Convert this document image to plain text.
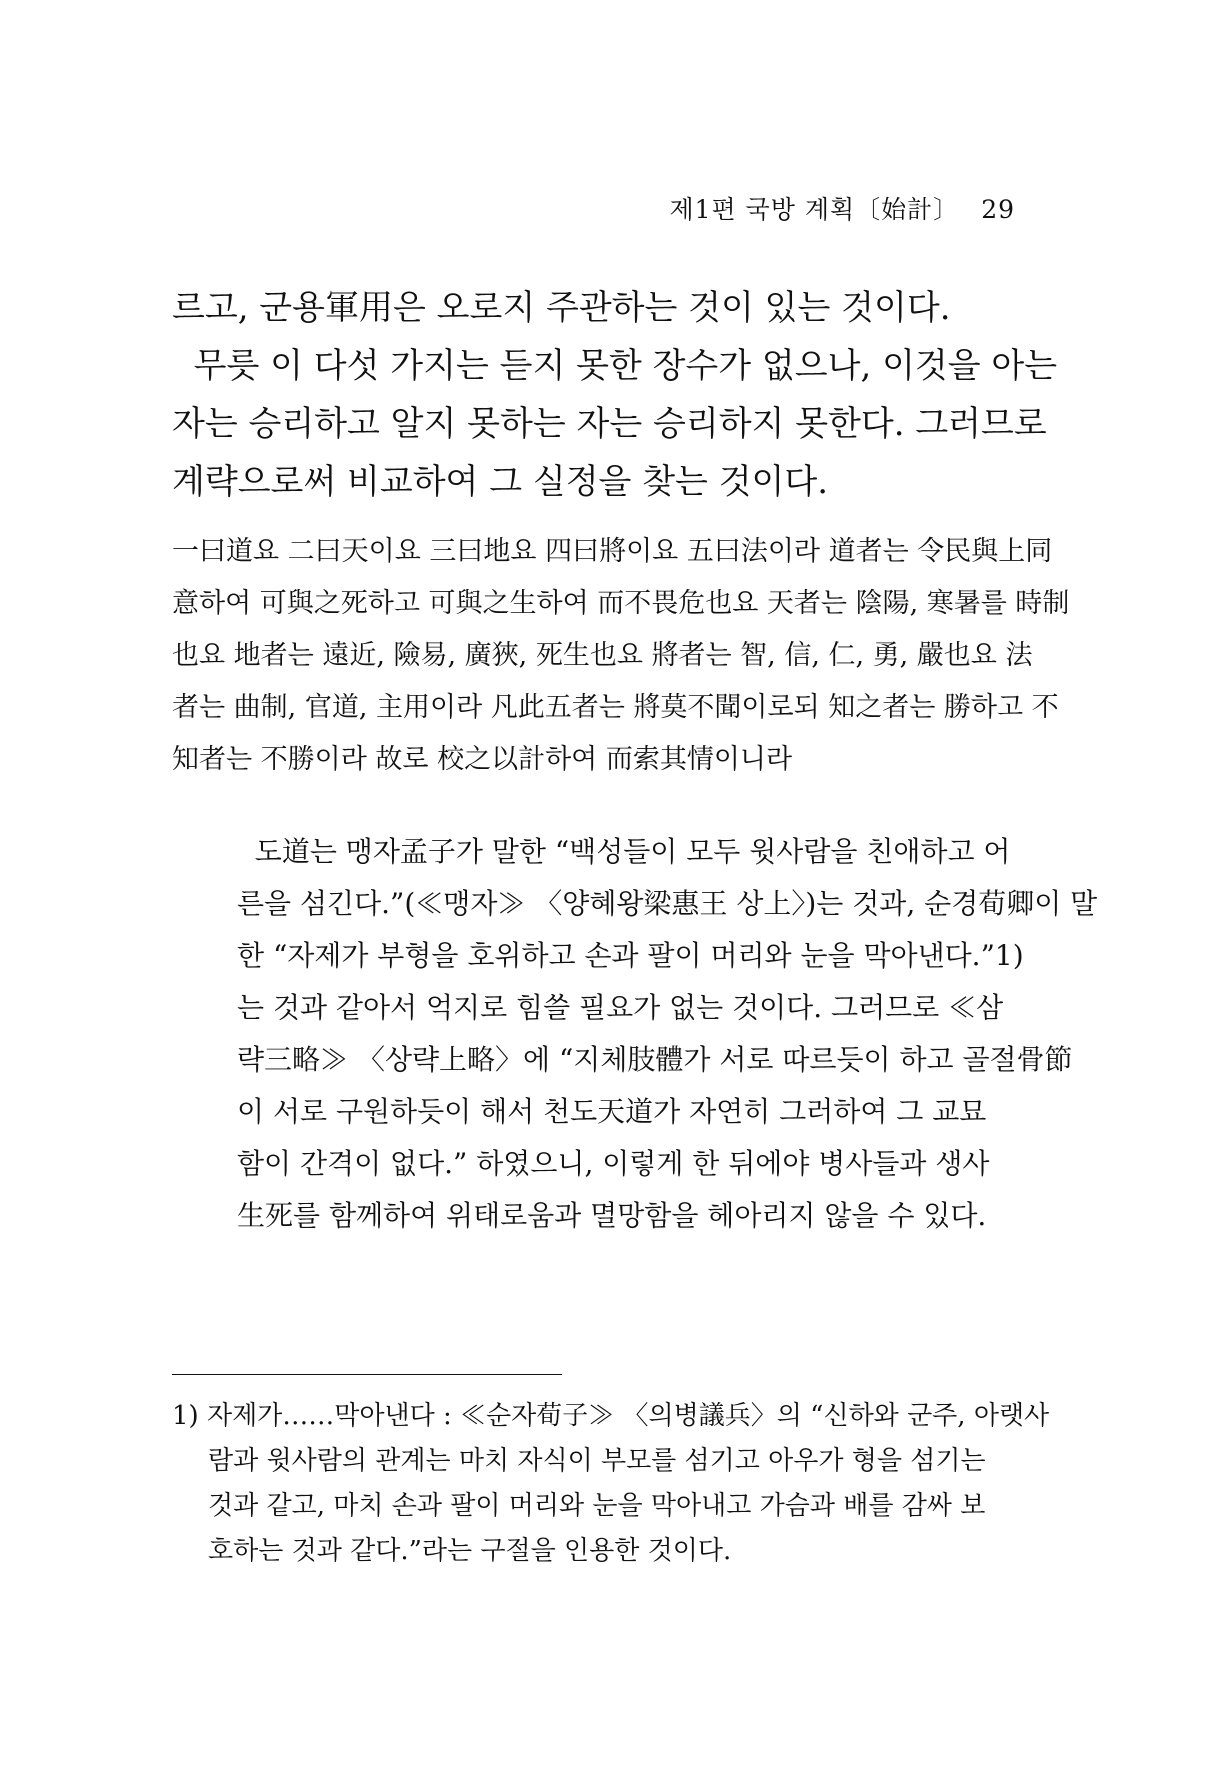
제1편 국방 계획〔始計〕 29
르고, 군용軍用은 오로지 주관하는 것이 있는 것이다.
무릇 이 다섯 가지는 듣지 못한 장수가 없으나, 이것을 아는
자는 승리하고 알지 못하는 자는 승리하지 못한다. 그러므로
계략으로써 비교하여 그 실정을 찾는 것이다.
一曰道요 二曰天이요 三曰地요 四曰將이요 五曰法이라 道者는 令民與上同
意하여 可與之死하고 可與之生하여 而不畏危也요 天者는 陰陽, 寒暑를 時制
也요 地者는 遠近, 險易, 廣狹, 死生也요 將者는 智, 信, 仁, 勇, 嚴也요 法
者는 曲制, 官道, 主用이라 凡此五者는 將莫不聞이로되 知之者는 勝하고 不
知者는 不勝이라 故로 校之以計하여 而索其情이니라
도道는 맹자孟子가 말한 “백성들이 모두 윗사람을 친애하고 어
른을 섬긴다.”(≪맹자≫ 〈양혜왕梁惠王 상上〉)는 것과, 순경荀卿이 말
한 “자제가 부형을 호위하고 손과 팔이 머리와 눈을 막아낸다.”1)
는 것과 같아서 억지로 힘쓸 필요가 없는 것이다. 그러므로 ≪삼
략三略≫ 〈상략上略〉에 “지체肢體가 서로 따르듯이 하고 골절骨節
이 서로 구원하듯이 해서 천도天道가 자연히 그러하여 그 교묘
함이 간격이 없다.” 하였으니, 이렇게 한 뒤에야 병사들과 생사
生死를 함께하여 위태로움과 멸망함을 헤아리지 않을 수 있다.
1) 자제가……막아낸다 : ≪순자荀子≫ 〈의병議兵〉의 “신하와 군주, 아랫사
람과 윗사람의 관계는 마치 자식이 부모를 섬기고 아우가 형을 섬기는
것과 같고, 마치 손과 팔이 머리와 눈을 막아내고 가슴과 배를 감싸 보
호하는 것과 같다.”라는 구절을 인용한 것이다.
